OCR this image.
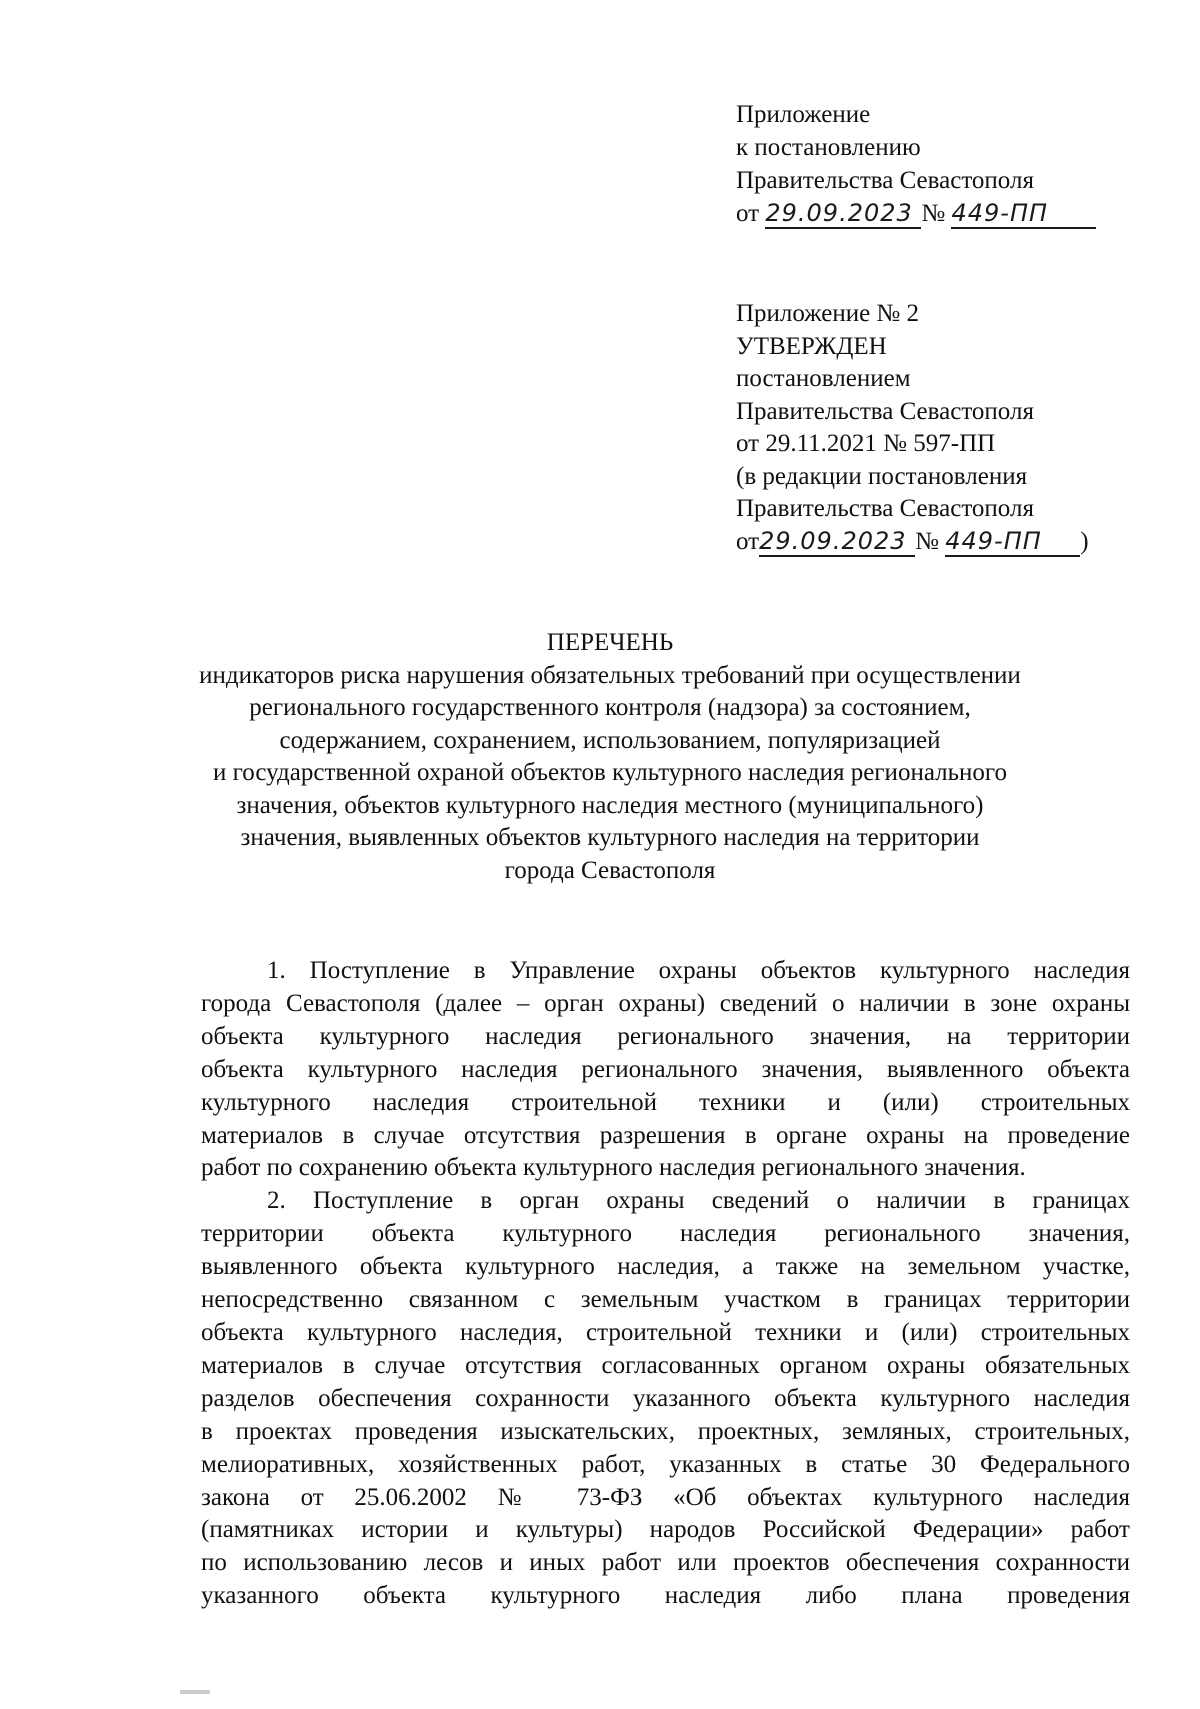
Приложение
к постановлению
Правительства Севастополя
от 29.09.2023 № 449-ПП
Приложение № 2
УТВЕРЖДЕН
постановлением
Правительства Севастополя
от 29.11.2021 № 597-ПП
(в редакции постановления
Правительства Севастополя
от29.09.2023 № 449-ПП )
ПЕРЕЧЕНЬ
индикаторов риска нарушения обязательных требований при осуществлении
регионального государственного контроля (надзора) за состоянием,
содержанием, сохранением, использованием, популяризацией
и государственной охраной объектов культурного наследия регионального
значения, объектов культурного наследия местного (муниципального)
значения, выявленных объектов культурного наследия на территории
города Севастополя
1. Поступление в Управление охраны объектов культурного наследия
города Севастополя (далее – орган охраны) сведений о наличии в зоне охраны
объекта культурного наследия регионального значения, на территории
объекта культурного наследия регионального значения, выявленного объекта
культурного наследия строительной техники и (или) строительных
материалов в случае отсутствия разрешения в органе охраны на проведение
работ по сохранению объекта культурного наследия регионального значения.
2. Поступление в орган охраны сведений о наличии в границах
территории объекта культурного наследия регионального значения,
выявленного объекта культурного наследия, а также на земельном участке,
непосредственно связанном с земельным участком в границах территории
объекта культурного наследия, строительной техники и (или) строительных
материалов в случае отсутствия согласованных органом охраны обязательных
разделов обеспечения сохранности указанного объекта культурного наследия
в проектах проведения изыскательских, проектных, земляных, строительных,
мелиоративных, хозяйственных работ, указанных в статье 30 Федерального
закона от 25.06.2002 № 73-ФЗ «Об объектах культурного наследия
(памятниках истории и культуры) народов Российской Федерации» работ
по использованию лесов и иных работ или проектов обеспечения сохранности
указанного объекта культурного наследия либо плана проведения
